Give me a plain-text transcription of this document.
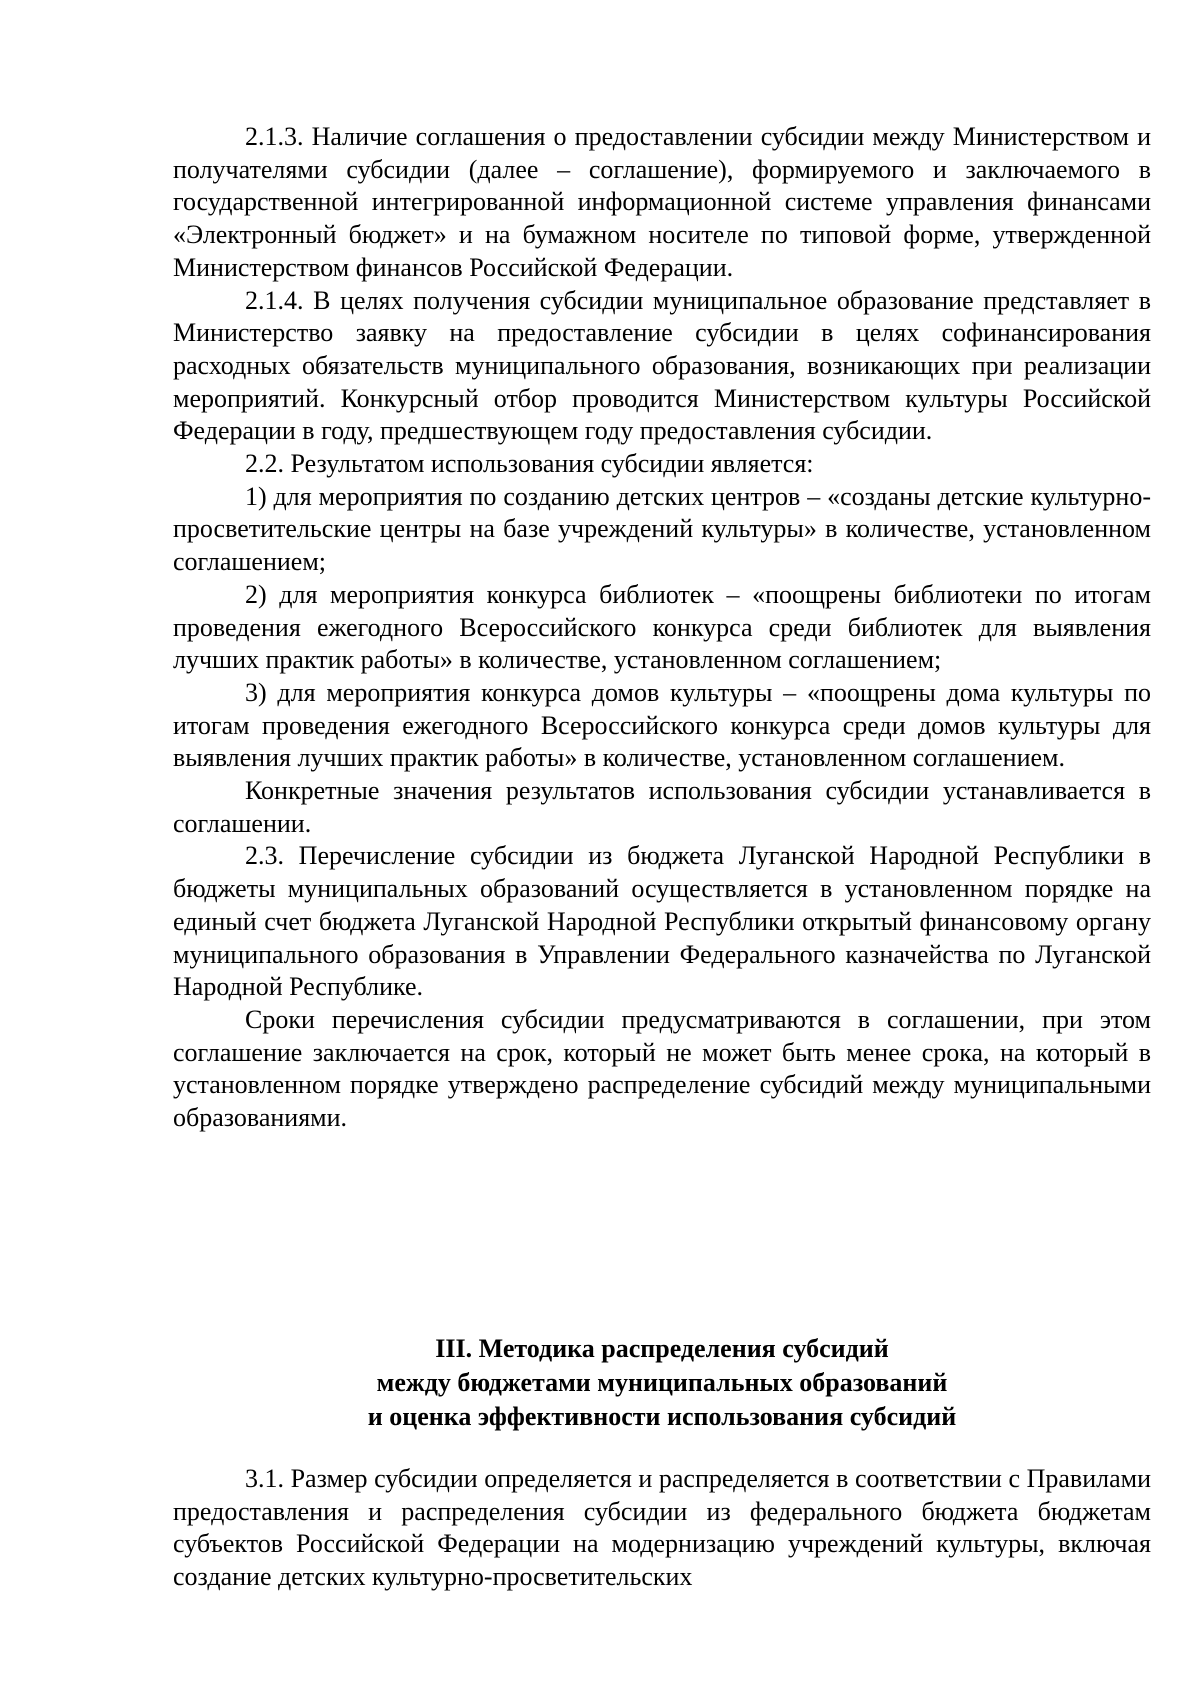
2.1.3. Наличие соглашения о предоставлении субсидии между Министерством и получателями субсидии (далее – соглашение), формируемого и заключаемого в государственной интегрированной информационной системе управления финансами «Электронный бюджет» и на бумажном носителе по типовой форме, утвержденной Министерством финансов Российской Федерации.

2.1.4. В целях получения субсидии муниципальное образование представляет в Министерство заявку на предоставление субсидии в целях софинансирования расходных обязательств муниципального образования, возникающих при реализации мероприятий. Конкурсный отбор проводится Министерством культуры Российской Федерации в году, предшествующем году предоставления субсидии.

2.2. Результатом использования субсидии является:

1) для мероприятия по созданию детских центров – «созданы детские культурно-просветительские центры на базе учреждений культуры» в количестве, установленном соглашением;

2) для мероприятия конкурса библиотек – «поощрены библиотеки по итогам проведения ежегодного Всероссийского конкурса среди библиотек для выявления лучших практик работы» в количестве, установленном соглашением;

3) для мероприятия конкурса домов культуры – «поощрены дома культуры по итогам проведения ежегодного Всероссийского конкурса среди домов культуры для выявления лучших практик работы» в количестве, установленном соглашением.

Конкретные значения результатов использования субсидии устанавливается в соглашении.

2.3. Перечисление субсидии из бюджета Луганской Народной Республики в бюджеты муниципальных образований осуществляется в установленном порядке на единый счет бюджета Луганской Народной Республики открытый финансовому органу муниципального образования в Управлении Федерального казначейства по Луганской Народной Республике.

Сроки перечисления субсидии предусматриваются в соглашении, при этом соглашение заключается на срок, который не может быть менее срока, на который в установленном порядке утверждено распределение субсидий между муниципальными образованиями.

III. Методика распределения субсидий
между бюджетами муниципальных образований
и оценка эффективности использования субсидий

3.1. Размер субсидии определяется и распределяется в соответствии с Правилами предоставления и распределения субсидии из федерального бюджета бюджетам субъектов Российской Федерации на модернизацию учреждений культуры, включая создание детских культурно-просветительских
